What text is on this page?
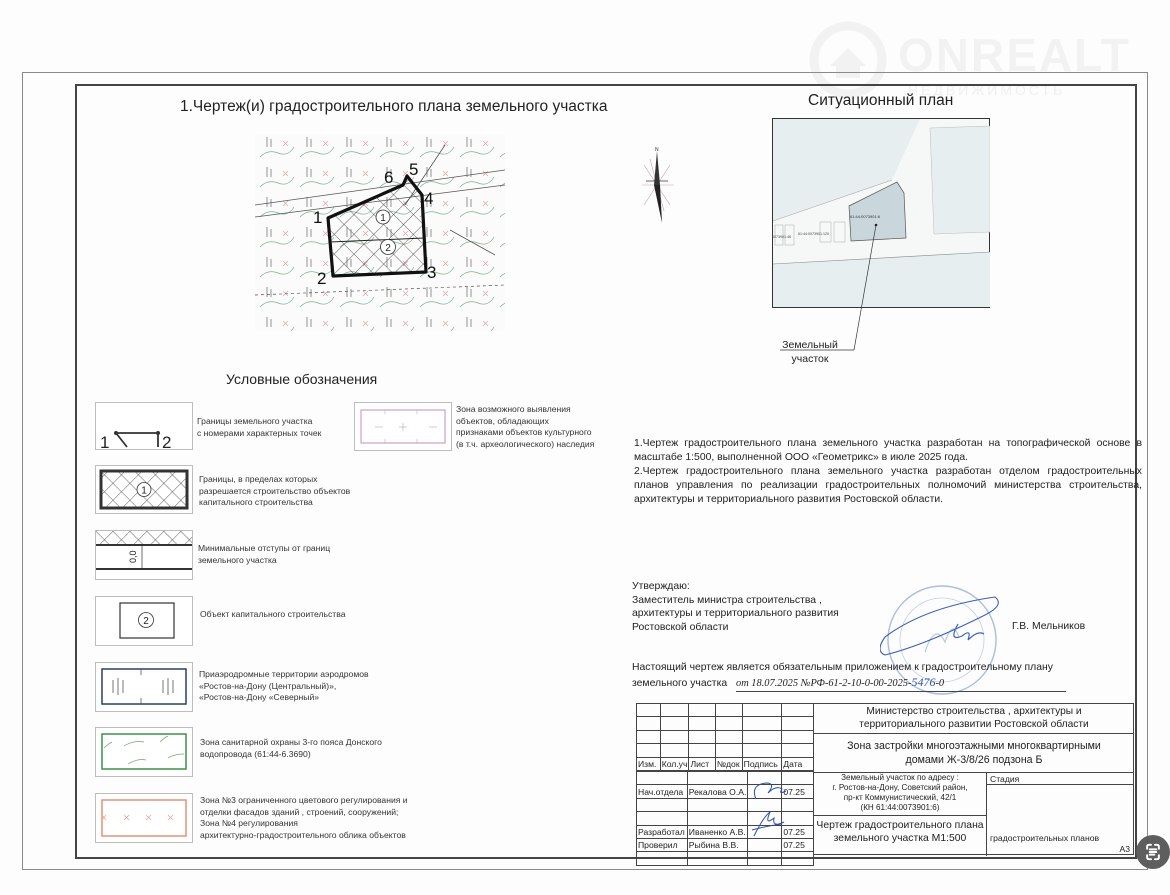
ONREALT
НЕДВИЖИМОСТЬ
1.Чертеж(и) градостроительного плана земельного участка
1
2
1
2	3
4
5
6
Ситуационный план
N
61:44:0073901:6
61:44:0073901:120
0073901:46
Земельный
участок
Условные обозначения
1	2
Границы земельного участка
с номерами характерных точек
1
Границы, в пределах которых
разрешается строительство объектов
капитального строительства
0,0
Минимальные отступы от границ
земельного участка
2
Объект капитального строительства
Приаэродромные территории аэродромов
«Ростов-на-Дону (Центральный)»,
«Ростов-на-Дону «Северный»
Зона санитарной охраны 3-го пояса Донского
водопровода (61:44-6.3690)
Зона №3 ограниченного цветового регулирования и
отделки фасадов зданий , строений, сооружений;
Зона №4 регулирования
архитектурно-градостроительного облика объектов
Зона возможного выявления
объектов, обладающих
признаками объектов культурного
(в т.ч. археологического) наследия	1.Чертеж градостроительного плана земельного участка разработан на топографической основе в масштабе 1:500, выполненной ООО «Геометрикс» в июле 2025 года.

2.Чертеж градостроительного плана земельного участка разработан отделом градостроительных планов управления по реализации градостроительных полномочий министерства строительства, архитектуры и территориального развития Ростовской области.

Утверждаю:
Заместитель министра строительства ,
архитектуры и территориального развития
Ростовской области	Г.В. Мельников
Настоящий чертеж является обязательным приложением к градостроительному плану
земельного участка от 18.07.2025 №РФ-61-2-10-0-00-2025-5476-0

Изм.	Кол.уч	Лист	№док	Подпись	Дата

Нач.отдела	Рекалова О.А.		07.25

Разработал	Иваненко А.В.		07.25
Проверил	Рыбина В.В.		07.25

Министерство строительства , архитектуры и
территориального развитии Ростовской области
Зона застройки многоэтажными многоквартирными
домами Ж-3/8/26 подзона Б
Земельный участок по адресу :
г. Ростов-на-Дону, Советский район,
пр-кт Коммунистический, 42/1
(КН 61:44:0073901:6)
Чертеж градостроительного плана
земельного участка М1:500
Стадия
градостроительных планов
А3
